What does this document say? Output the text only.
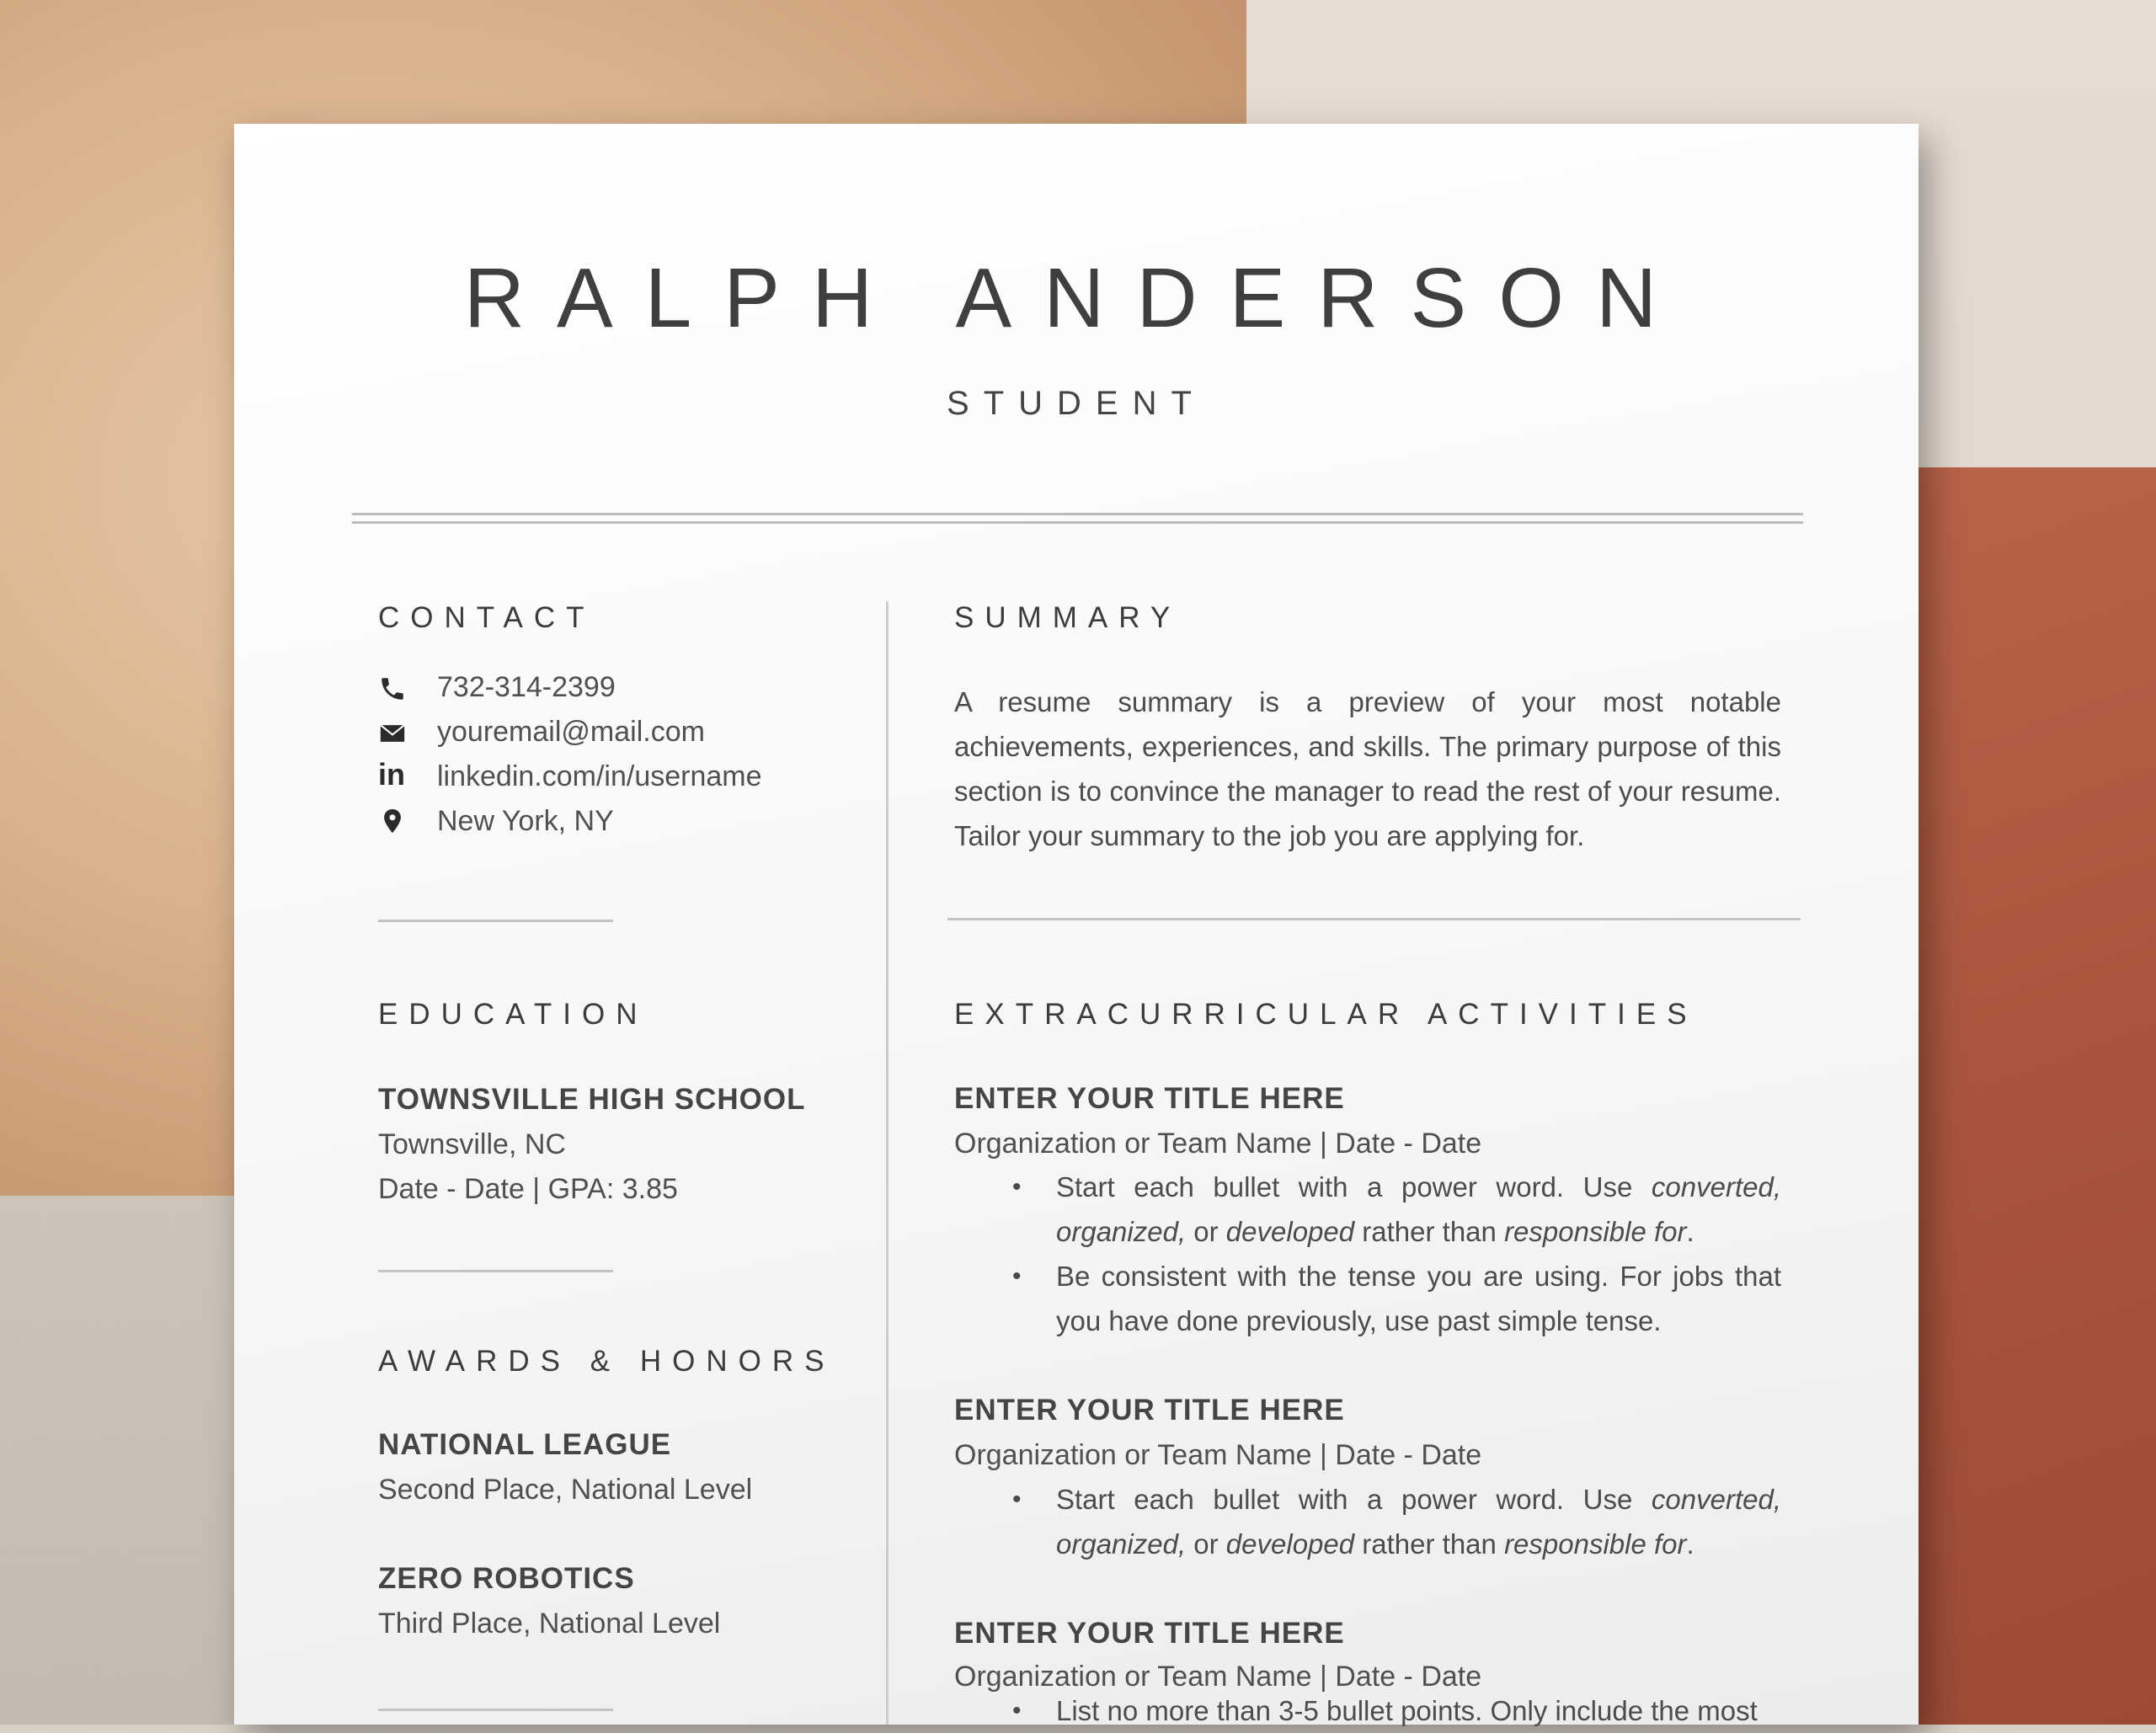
RALPH ANDERSON
STUDENT
CONTACT
732-314-2399
youremail@mail.com
in linkedin.com/in/username
New York, NY
EDUCATION
TOWNSVILLE HIGH SCHOOL
Townsville, NC
Date - Date | GPA: 3.85
AWARDS & HONORS
NATIONAL LEAGUE
Second Place, National Level
ZERO ROBOTICS
Third Place, National Level
SUMMARY
A resume summary is a preview of your most notable achievements, experiences, and skills. The primary purpose of this section is to convince the manager to read the rest of your resume. Tailor your summary to the job you are applying for.
EXTRACURRICULAR ACTIVITIES
ENTER YOUR TITLE HERE
Organization or Team Name | Date - Date
• Start each bullet with a power word. Use converted, organized, or developed rather than responsible for.
• Be consistent with the tense you are using. For jobs that you have done previously, use past simple tense.
ENTER YOUR TITLE HERE
Organization or Team Name | Date - Date
• Start each bullet with a power word. Use converted, organized, or developed rather than responsible for.
ENTER YOUR TITLE HERE
Organization or Team Name | Date - Date
• List no more than 3-5 bullet points. Only include the most
